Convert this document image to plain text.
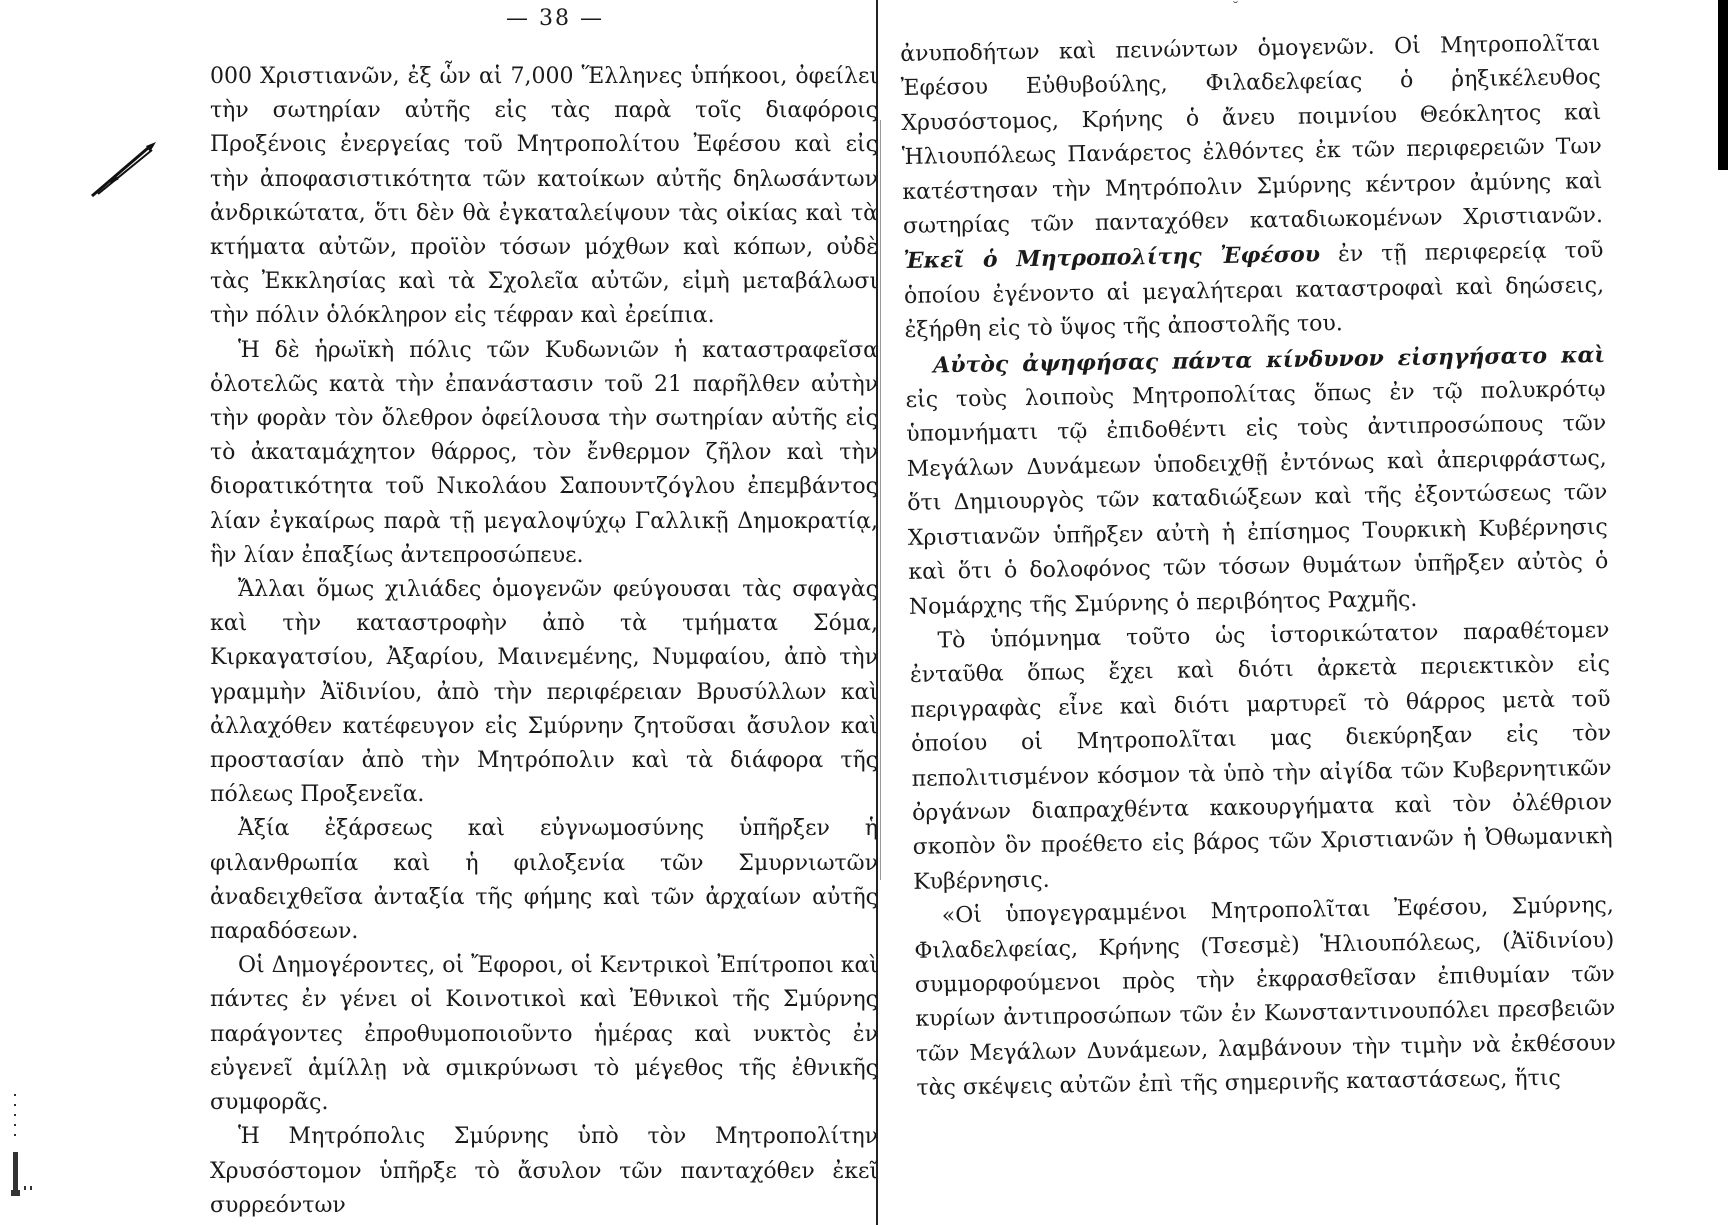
— 38 —	˘

000 Χριστιανῶν, ἐξ ὧν αἱ 7,000 Ἕλληνες ὑπήκοοι, ὀφείλει τὴν σωτηρίαν αὐτῆς εἰς τὰς παρὰ τοῖς διαφόροις Προξένοις ἐνεργείας τοῦ Μητροπολίτου Ἐφέσου καὶ εἰς τὴν ἀποφασιστικότητα τῶν κατοίκων αὐτῆς δηλωσάντων ἀνδρικώτατα, ὅτι δὲν θὰ ἐγκαταλείψουν τὰς οἰκίας καὶ τὰ κτήματα αὐτῶν, προϊὸν τόσων μόχθων καὶ κόπων, οὐδὲ τὰς Ἐκκλησίας καὶ τὰ Σχολεῖα αὐτῶν, εἰμὴ μεταβάλωσι τὴν πόλιν ὁλόκληρον εἰς τέφραν καὶ ἐρείπια.

Ἡ δὲ ἡρωϊκὴ πόλις τῶν Κυδωνιῶν ἡ καταστραφεῖσα ὁλοτελῶς κατὰ τὴν ἐπανάστασιν τοῦ 21 παρῆλθεν αὐτὴν τὴν φορὰν τὸν ὄλεθρον ὀφείλουσα τὴν σωτηρίαν αὐτῆς εἰς τὸ ἀκαταμάχητον θάρρος, τὸν ἔνθερμον ζῆλον καὶ τὴν διορατικότητα τοῦ Νικολάου Σαπουντζόγλου ἐπεμβάντος λίαν ἐγκαίρως παρὰ τῇ μεγαλοψύχῳ Γαλλικῇ Δημοκρατίᾳ, ἣν λίαν ἐπαξίως ἀντεπροσώπευε.

Ἄλλαι ὅμως χιλιάδες ὁμογενῶν φεύγουσαι τὰς σφαγὰς καὶ τὴν καταστροφὴν ἀπὸ τὰ τμήματα Σόμα, Κιρκαγατσίου, Ἀξαρίου, Μαινεμένης, Νυμφαίου, ἀπὸ τὴν γραμμὴν Ἀϊδινίου, ἀπὸ τὴν περιφέρειαν Βρυσύλλων καὶ ἀλλαχόθεν κατέφευγον εἰς Σμύρνην ζητοῦσαι ἄσυλον καὶ προστασίαν ἀπὸ τὴν Μητρόπολιν καὶ τὰ διάφορα τῆς πόλεως Προξενεῖα.

Ἀξία ἐξάρσεως καὶ εὐγνωμοσύνης ὑπῆρξεν ἡ φιλανθρωπία καὶ ἡ φιλοξενία τῶν Σμυρνιωτῶν ἀναδειχθεῖσα ἀνταξία τῆς φήμης καὶ τῶν ἀρχαίων αὐτῆς παραδόσεων.

Οἱ Δημογέροντες, οἱ Ἔφοροι, οἱ Κεντρικοὶ Ἐπίτροποι καὶ πάντες ἐν γένει οἱ Κοινοτικοὶ καὶ Ἐθνικοὶ τῆς Σμύρνης παράγοντες ἐπροθυμοποιοῦντο ἡμέρας καὶ νυκτὸς ἐν εὐγενεῖ ἁμίλλῃ νὰ σμικρύνωσι τὸ μέγεθος τῆς ἐθνικῆς συμφορᾶς.

Ἡ Μητρόπολις Σμύρνης ὑπὸ τὸν Μητροπολίτην Χρυσόστομον ὑπῆρξε τὸ ἄσυλον τῶν πανταχόθεν ἐκεῖ συρρεόντων

ἀνυποδήτων καὶ πεινώντων ὁμογενῶν. Οἱ Μητροπολῖται Ἐφέσου Εὐθυβούλης, Φιλαδελφείας ὁ ῥηξικέλευθος Χρυσόστομος, Κρήνης ὁ ἄνευ ποιμνίου Θεόκλητος καὶ Ἡλιουπόλεως Πανάρετος ἐλθόντες ἐκ τῶν περιφερειῶν Των κατέστησαν τὴν Μητρόπολιν Σμύρνης κέντρον ἀμύνης καὶ σωτηρίας τῶν πανταχόθεν καταδιωκομένων Χριστιανῶν. Ἐκεῖ ὁ Μητροπολίτης Ἐφέσου ἐν τῇ περιφερείᾳ τοῦ ὁποίου ἐγένοντο αἱ μεγαλήτεραι καταστροφαὶ καὶ δηώσεις, ἐξήρθη εἰς τὸ ὕψος τῆς ἀποστολῆς του.

Αὐτὸς ἀψηφήσας πάντα κίνδυνον εἰσηγήσατο καὶ εἰς τοὺς λοιποὺς Μητροπολίτας ὅπως ἐν τῷ πολυκρότῳ ὑπομνήματι τῷ ἐπιδοθέντι εἰς τοὺς ἀντιπροσώπους τῶν Μεγάλων Δυνάμεων ὑποδειχθῇ ἐντόνως καὶ ἀπεριφράστως, ὅτι Δημιουργὸς τῶν καταδιώξεων καὶ τῆς ἐξοντώσεως τῶν Χριστιανῶν ὑπῆρξεν αὐτὴ ἡ ἐπίσημος Τουρκικὴ Κυβέρνησις καὶ ὅτι ὁ δολοφόνος τῶν τόσων θυμάτων ὑπῆρξεν αὐτὸς ὁ Νομάρχης τῆς Σμύρνης ὁ περιβόητος Ραχμῆς.

Τὸ ὑπόμνημα τοῦτο ὡς ἱστορικώτατον παραθέτομεν ἐνταῦθα ὅπως ἔχει καὶ διότι ἀρκετὰ περιεκτικὸν εἰς περιγραφὰς εἶνε καὶ διότι μαρτυρεῖ τὸ θάρρος μετὰ τοῦ ὁποίου οἱ Μητροπολῖται μας διεκύρηξαν εἰς τὸν πεπολιτισμένον κόσμον τὰ ὑπὸ τὴν αἰγίδα τῶν Κυβερνητικῶν ὀργάνων διαπραχθέντα κακουργήματα καὶ τὸν ὀλέθριον σκοπὸν ὃν προέθετο εἰς βάρος τῶν Χριστιανῶν ἡ Ὀθωμανικὴ Κυβέρνησις.

«Οἱ ὑπογεγραμμένοι Μητροπολῖται Ἐφέσου, Σμύρνης, Φιλαδελφείας, Κρήνης (Τσεσμὲ) Ἡλιουπόλεως, (Ἀϊδινίου) συμμορφούμενοι πρὸς τὴν ἐκφρασθεῖσαν ἐπιθυμίαν τῶν κυρίων ἀντιπροσώπων τῶν ἐν Κωνσταντινουπόλει πρεσβειῶν τῶν Μεγάλων Δυνάμεων, λαμβάνουν τὴν τιμὴν νὰ ἐκθέσουν τὰς σκέψεις αὐτῶν ἐπὶ τῆς σημερινῆς καταστάσεως, ἥτις
